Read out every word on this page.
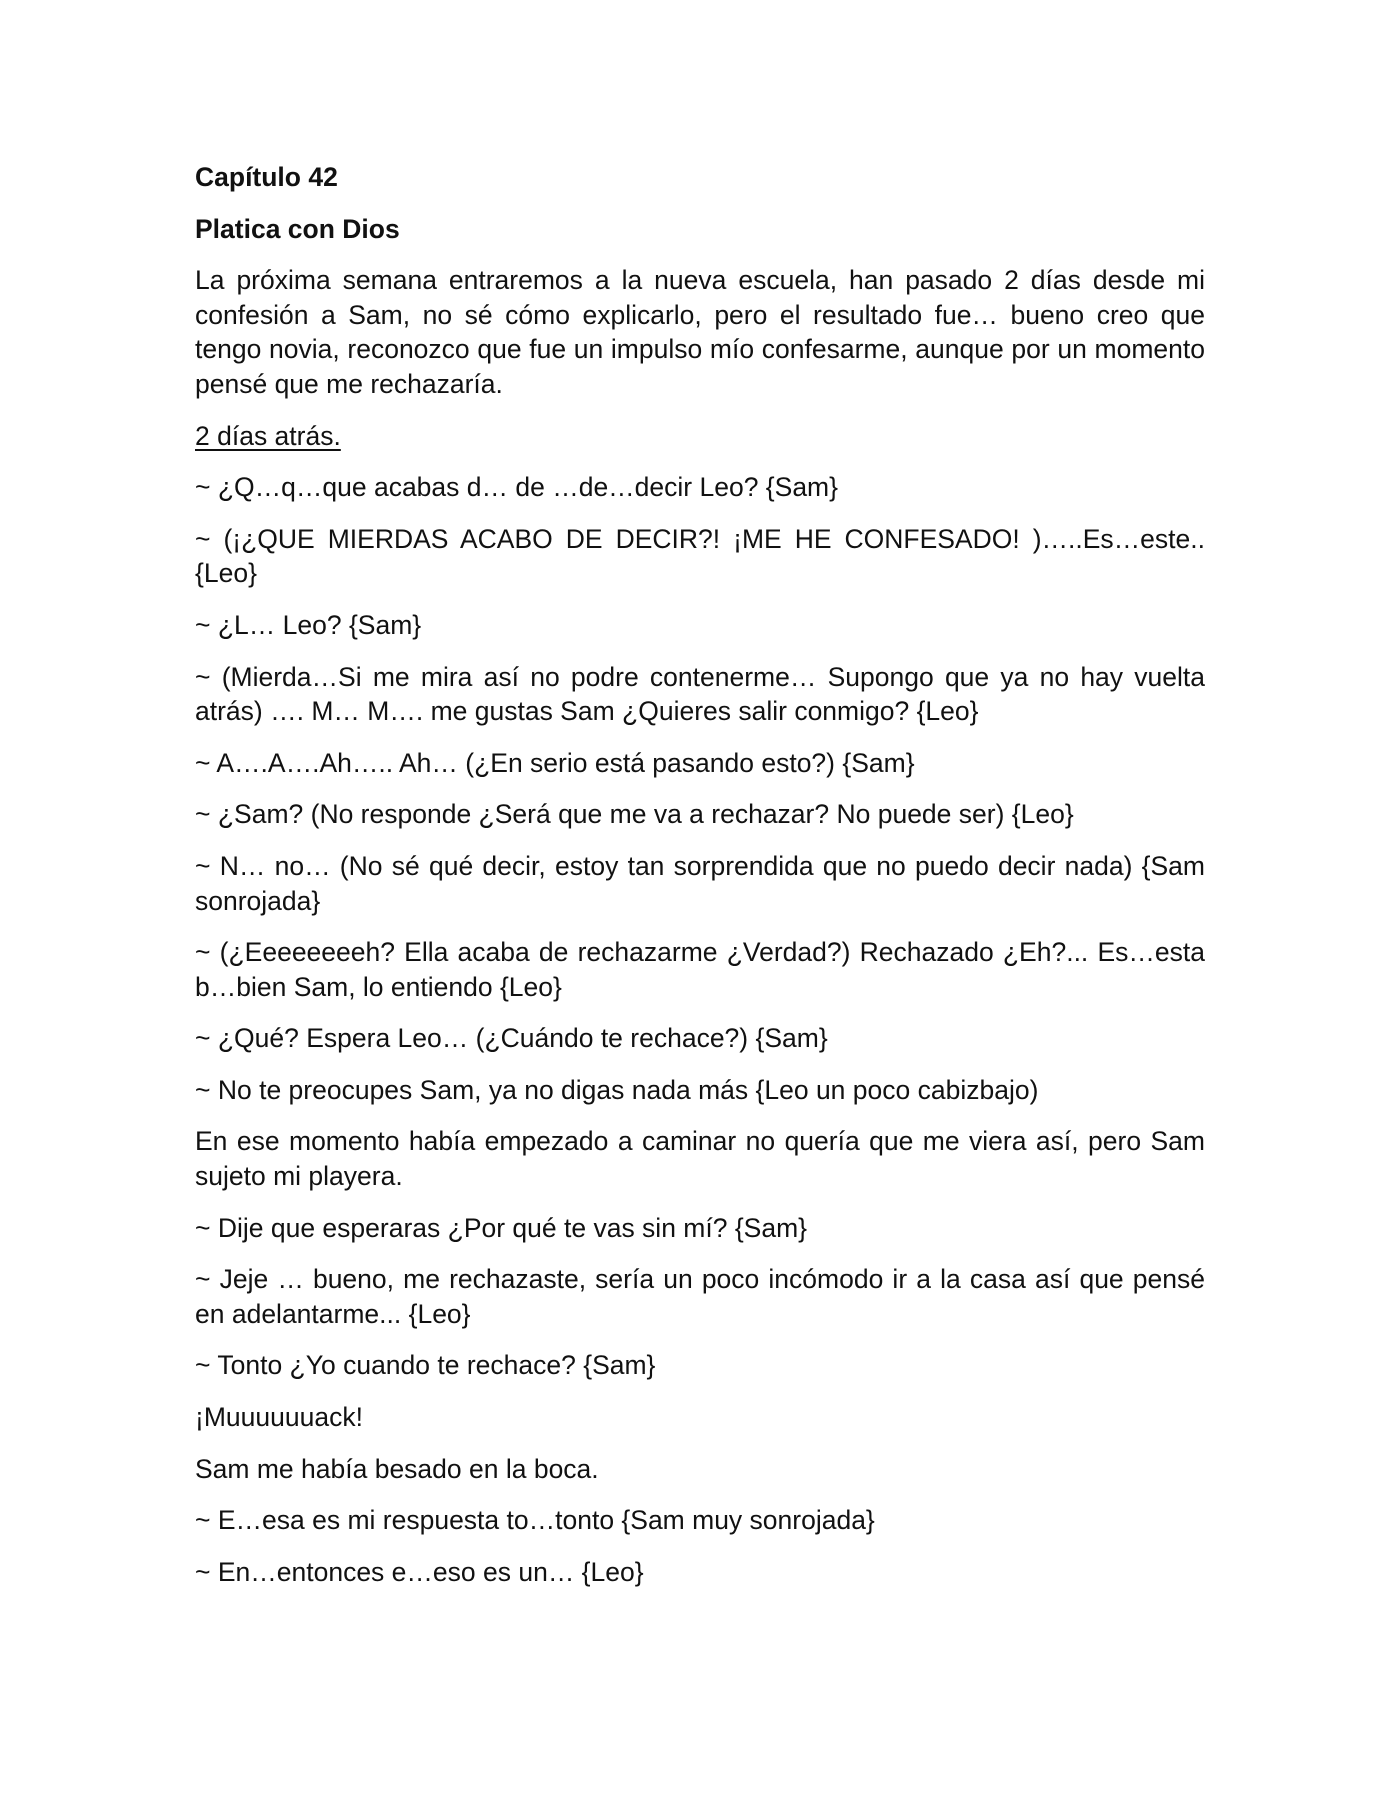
Capítulo 42
Platica con Dios

La próxima semana entraremos a la nueva escuela, han pasado 2 días desde mi confesión a Sam, no sé cómo explicarlo, pero el resultado fue… bueno creo que tengo novia, reconozco que fue un impulso mío confesarme, aunque por un momento pensé que me rechazaría.

2 días atrás.

~ ¿Q…q…que acabas d… de …de…decir Leo? {Sam}

~ (¡¿QUE MIERDAS ACABO DE DECIR?! ¡ME HE CONFESADO! )…..Es…este.. {Leo}

~ ¿L… Leo? {Sam}

~ (Mierda…Si me mira así no podre contenerme… Supongo que ya no hay vuelta atrás) …. M… M…. me gustas Sam ¿Quieres salir conmigo? {Leo}

~ A….A….Ah….. Ah… (¿En serio está pasando esto?) {Sam}

~ ¿Sam? (No responde ¿Será que me va a rechazar? No puede ser) {Leo}

~ N… no… (No sé qué decir, estoy tan sorprendida que no puedo decir nada) {Sam sonrojada}

~ (¿Eeeeeeeeh? Ella acaba de rechazarme ¿Verdad?) Rechazado ¿Eh?... Es…esta b…bien Sam, lo entiendo {Leo}

~ ¿Qué? Espera Leo… (¿Cuándo te rechace?) {Sam}

~ No te preocupes Sam, ya no digas nada más {Leo un poco cabizbajo)

En ese momento había empezado a caminar no quería que me viera así, pero Sam sujeto mi playera.

~ Dije que esperaras ¿Por qué te vas sin mí? {Sam}

~ Jeje … bueno, me rechazaste, sería un poco incómodo ir a la casa así que pensé en adelantarme... {Leo}

~ Tonto ¿Yo cuando te rechace? {Sam}

¡Muuuuuuack!

Sam me había besado en la boca.

~ E…esa es mi respuesta to…tonto {Sam muy sonrojada}

~ En…entonces e…eso es un… {Leo}
